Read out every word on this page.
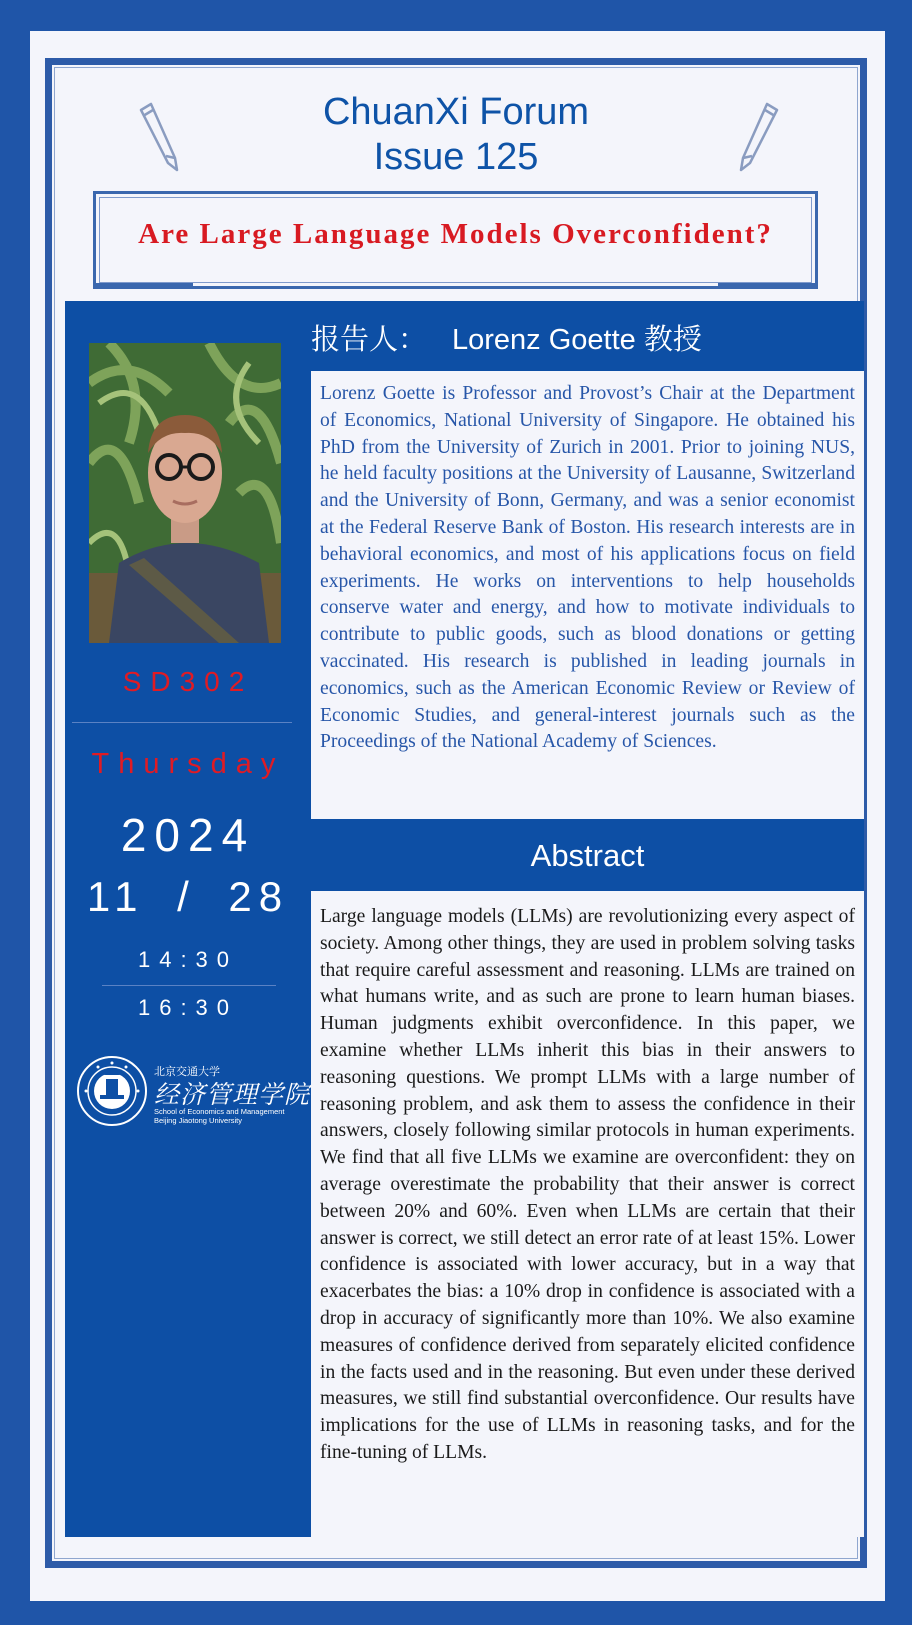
ChuanXi Forum
Issue 125
Are Large Language Models Overconfident?
SD302
Thursday
2024
11 / 28
14:30
16:30
北京交通大学
经济管理学院
School of Economics and Management
Beijing Jiaotong University
报告人： Lorenz Goette 教授
Lorenz Goette is Professor and Provost’s Chair at the Department of Economics, National University of Singapore. He obtained his PhD from the University of Zurich in 2001. Prior to joining NUS, he held faculty positions at the University of Lausanne, Switzerland and the University of Bonn, Germany, and was a senior economist at the Federal Reserve Bank of Boston. His research interests are in behavioral economics, and most of his applications focus on field experiments. He works on interventions to help households conserve water and energy, and how to motivate individuals to contribute to public goods, such as blood donations or getting vaccinated. His research is published in leading journals in economics, such as the American Economic Review or Review of Economic Studies, and general-interest journals such as the Proceedings of the National Academy of Sciences.
Abstract
Large language models (LLMs) are revolutionizing every aspect of society. Among other things, they are used in problem solving tasks that require careful assessment and reasoning. LLMs are trained on what humans write, and as such are prone to learn human biases. Human judgments exhibit overconfidence. In this paper, we examine whether LLMs inherit this bias in their answers to reasoning questions. We prompt LLMs with a large number of reasoning problem, and ask them to assess the confidence in their answers, closely following similar protocols in human experiments. We find that all five LLMs we examine are overconfident: they on average overestimate the probability that their answer is correct between 20% and 60%. Even when LLMs are certain that their answer is correct, we still detect an error rate of at least 15%. Lower confidence is associated with lower accuracy, but in a way that exacerbates the bias: a 10% drop in confidence is associated with a drop in accuracy of significantly more than 10%. We also examine measures of confidence derived from separately elicited confidence in the facts used and in the reasoning. But even under these derived measures, we still find substantial overconfidence. Our results have implications for the use of LLMs in reasoning tasks, and for the fine-tuning of LLMs.
